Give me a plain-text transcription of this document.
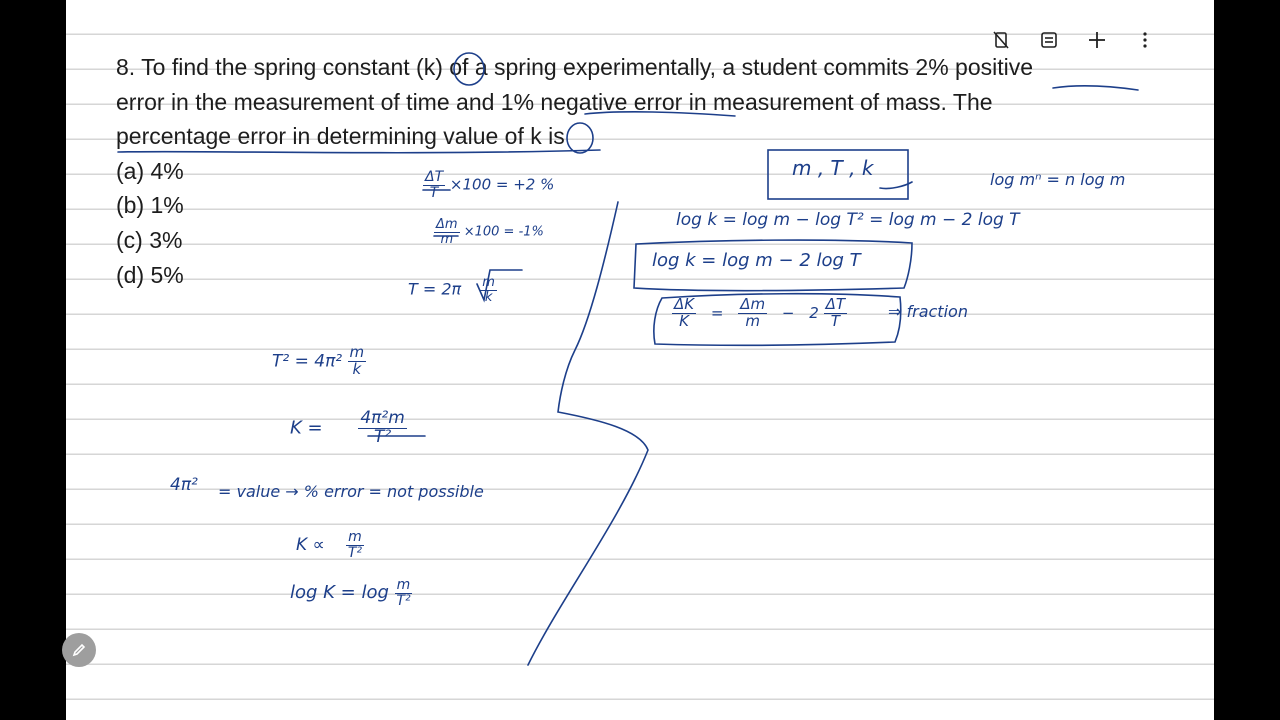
8. To find the spring constant (k) of a spring experimentally, a student commits 2% positive
error in the measurement of time and 1% negative error in measurement of mass. The
percentage error in determining value of k is
(a) 4%
(b) 1%
(c) 3%
(d) 5%
$\frac{\Delta T}{T} \times 100 = +2$ %
$\frac{\Delta m}{m} \times 100 = -1\%$
$T = 2\pi \frac{m}{k}$
$T^2 = 4\pi^2 \frac{m}{k}$
$K = \frac{\text{4π²m}}{\text{T²}}$
4π² = value → % error = not possible
$K \propto \frac{m}{\text{T²}}$
$\log K = \log \frac{m}{\text{T²}}$
m , T , k	log mⁿ = n log m
log k = log m − log T² = log m − 2 log T
log k = log m − 2 log T
$\frac{\Delta K}{K} = \frac{\Delta m}{m} - 2 \frac{\Delta T}{T}$	⇒ fraction
